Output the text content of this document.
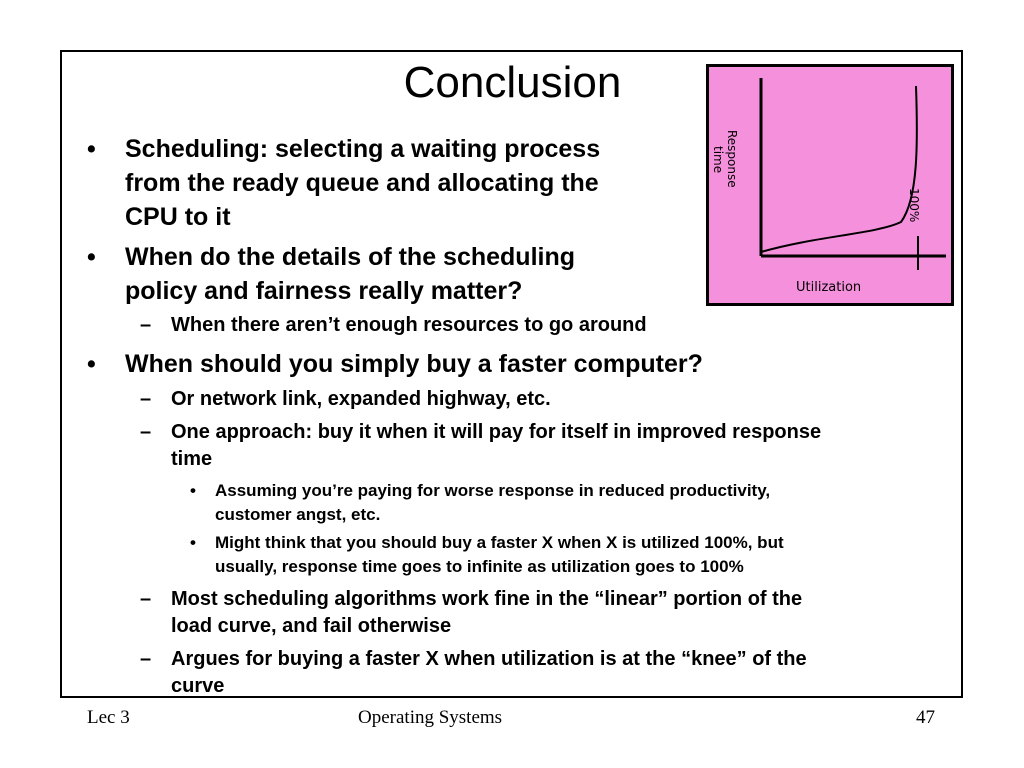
Conclusion
Response
time
100%
Utilization
• Scheduling: selecting a waiting process
from the ready queue and allocating the
CPU to it
• When do the details of the scheduling
policy and fairness really matter?
– When there aren’t enough resources to go around
• When should you simply buy a faster computer?
– Or network link, expanded highway, etc.
– One approach: buy it when it will pay for itself in improved response
time
• Assuming you’re paying for worse response in reduced productivity,
customer angst, etc.
• Might think that you should buy a faster X when X is utilized 100%, but
usually, response time goes to infinite as utilization goes to 100%
– Most scheduling algorithms work fine in the “linear” portion of the
load curve, and fail otherwise
– Argues for buying a faster X when utilization is at the “knee” of the
curve
Lec 3	Operating Systems	47
